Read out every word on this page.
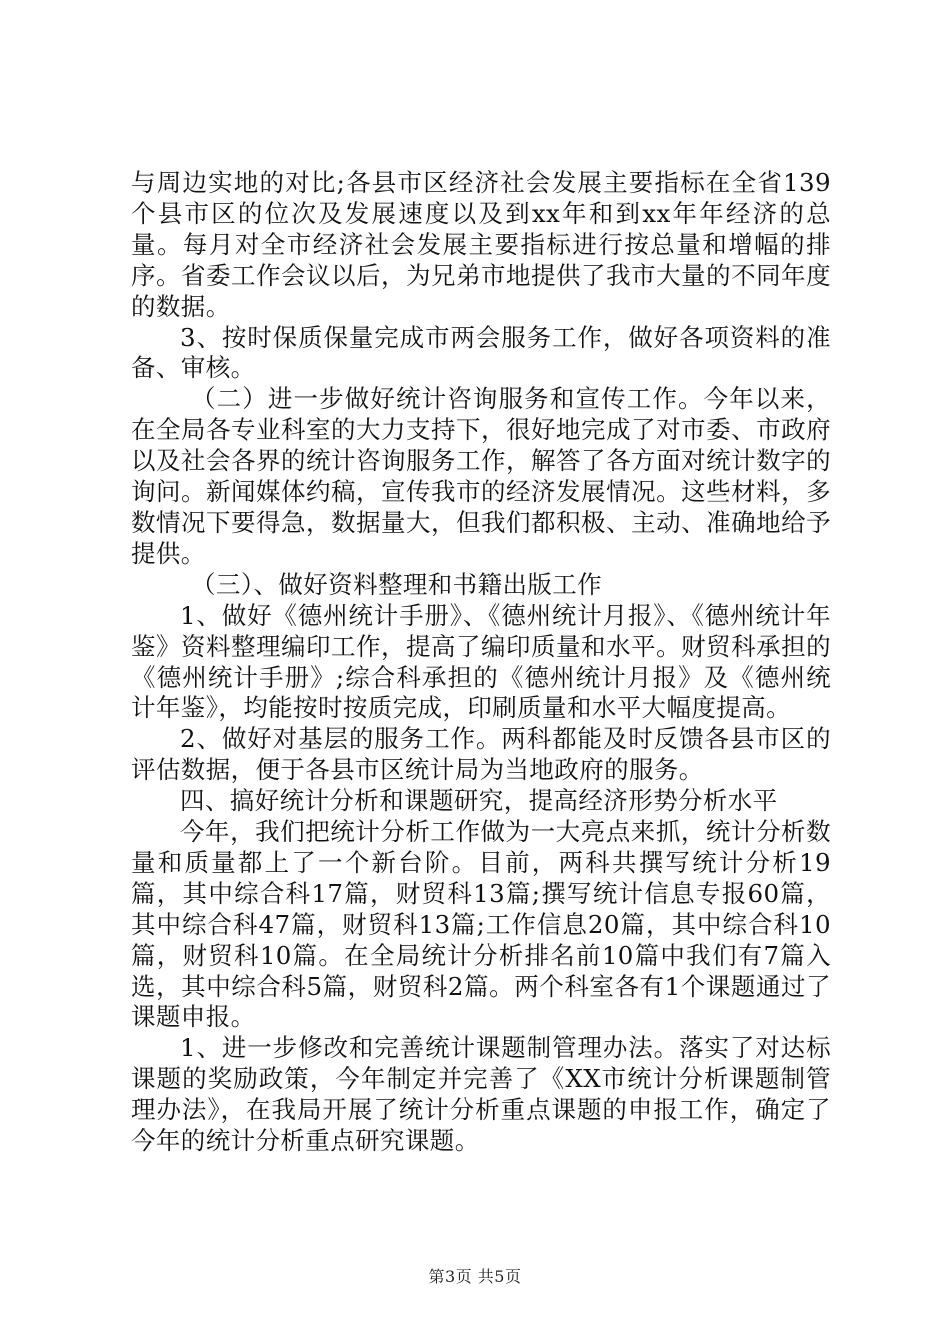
与周边实地的对比;各县市区经济社会发展主要指标在全省139个县市区的位次及发展速度以及到xx年和到xx年年经济的总量。每月对全市经济社会发展主要指标进行按总量和增幅的排序。省委工作会议以后，为兄弟市地提供了我市大量的不同年度的数据。

3、按时保质保量完成市两会服务工作，做好各项资料的准备、审核。

（二）进一步做好统计咨询服务和宣传工作。今年以来，在全局各专业科室的大力支持下，很好地完成了对市委、市政府以及社会各界的统计咨询服务工作，解答了各方面对统计数字的询问。新闻媒体约稿，宣传我市的经济发展情况。这些材料，多数情况下要得急，数据量大，但我们都积极、主动、准确地给予提供。

（三）、做好资料整理和书籍出版工作

1、做好《德州统计手册》、《德州统计月报》、《德州统计年鉴》资料整理编印工作，提高了编印质量和水平。财贸科承担的《德州统计手册》;综合科承担的《德州统计月报》及《德州统计年鉴》，均能按时按质完成，印刷质量和水平大幅度提高。

2、做好对基层的服务工作。两科都能及时反馈各县市区的评估数据，便于各县市区统计局为当地政府的服务。

四、搞好统计分析和课题研究，提高经济形势分析水平

今年，我们把统计分析工作做为一大亮点来抓，统计分析数量和质量都上了一个新台阶。目前，两科共撰写统计分析19篇，其中综合科17篇，财贸科13篇;撰写统计信息专报60篇，其中综合科47篇，财贸科13篇;工作信息20篇，其中综合科10篇，财贸科10篇。在全局统计分析排名前10篇中我们有7篇入选，其中综合科5篇，财贸科2篇。两个科室各有1个课题通过了课题申报。

1、进一步修改和完善统计课题制管理办法。落实了对达标课题的奖励政策，今年制定并完善了《XX市统计分析课题制管理办法》，在我局开展了统计分析重点课题的申报工作，确定了今年的统计分析重点研究课题。

第3页 共5页
